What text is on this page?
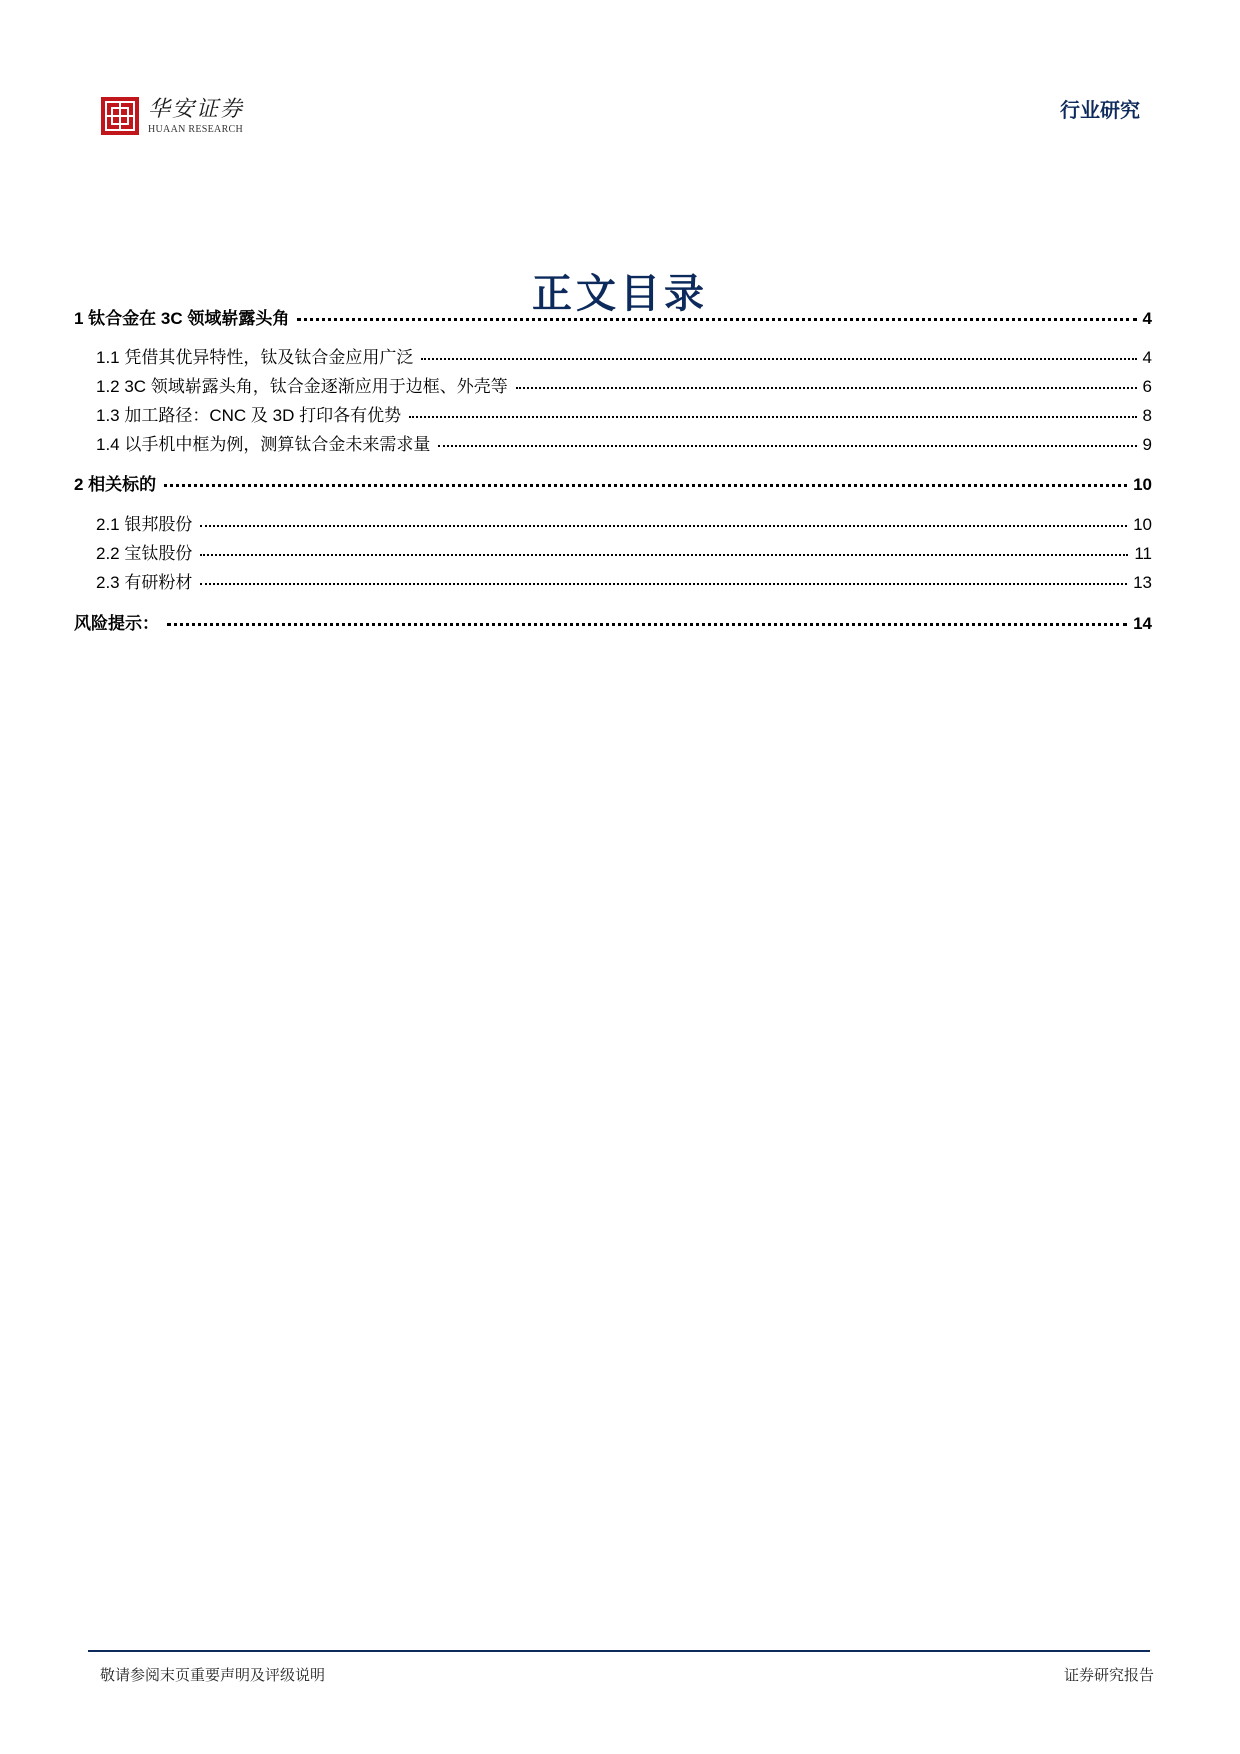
华安证券
HUAAN RESEARCH
行业研究
正文目录
1 钛合金在 3C 领域崭露头角	4
1.1 凭借其优异特性，钛及钛合金应用广泛	4
1.2 3C 领域崭露头角，钛合金逐渐应用于边框、外壳等	6
1.3 加工路径：CNC 及 3D 打印各有优势	8
1.4 以手机中框为例，测算钛合金未来需求量	9
2 相关标的	10
2.1 银邦股份	10
2.2 宝钛股份	11
2.3 有研粉材	13
风险提示：	14
敬请参阅末页重要声明及评级说明	证券研究报告
